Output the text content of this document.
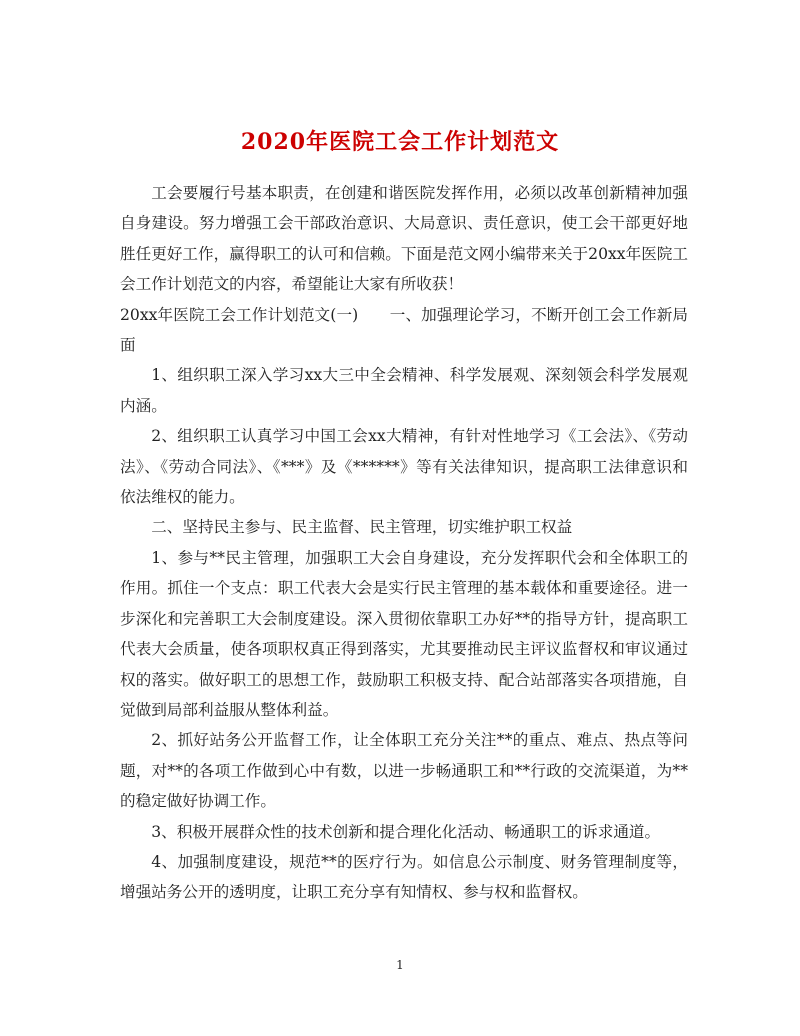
2020年医院工会工作计划范文

工会要履行号基本职责，在创建和谐医院发挥作用，必须以改革创新精神加强自身建设。努力增强工会干部政治意识、大局意识、责任意识，使工会干部更好地胜任更好工作，赢得职工的认可和信赖。下面是范文网小编带来关于20xx年医院工会工作计划范文的内容，希望能让大家有所收获！

20xx年医院工会工作计划范文(一)　　一、加强理论学习，不断开创工会工作新局面

1、组织职工深入学习xx大三中全会精神、科学发展观、深刻领会科学发展观内涵。

2、组织职工认真学习中国工会xx大精神，有针对性地学习《工会法》、《劳动法》、《劳动合同法》、《***》及《******》等有关法律知识，提高职工法律意识和依法维权的能力。

二、坚持民主参与、民主监督、民主管理，切实维护职工权益

1、参与**民主管理，加强职工大会自身建设，充分发挥职代会和全体职工的作用。抓住一个支点：职工代表大会是实行民主管理的基本载体和重要途径。进一步深化和完善职工大会制度建设。深入贯彻依靠职工办好**的指导方针，提高职工代表大会质量，使各项职权真正得到落实，尤其要推动民主评议监督权和审议通过权的落实。做好职工的思想工作，鼓励职工积极支持、配合站部落实各项措施，自觉做到局部利益服从整体利益。

2、抓好站务公开监督工作，让全体职工充分关注**的重点、难点、热点等问题，对**的各项工作做到心中有数，以进一步畅通职工和**行政的交流渠道，为**的稳定做好协调工作。

3、积极开展群众性的技术创新和提合理化化活动、畅通职工的诉求通道。

4、加强制度建设，规范**的医疗行为。如信息公示制度、财务管理制度等，增强站务公开的透明度，让职工充分享有知情权、参与权和监督权。

1
